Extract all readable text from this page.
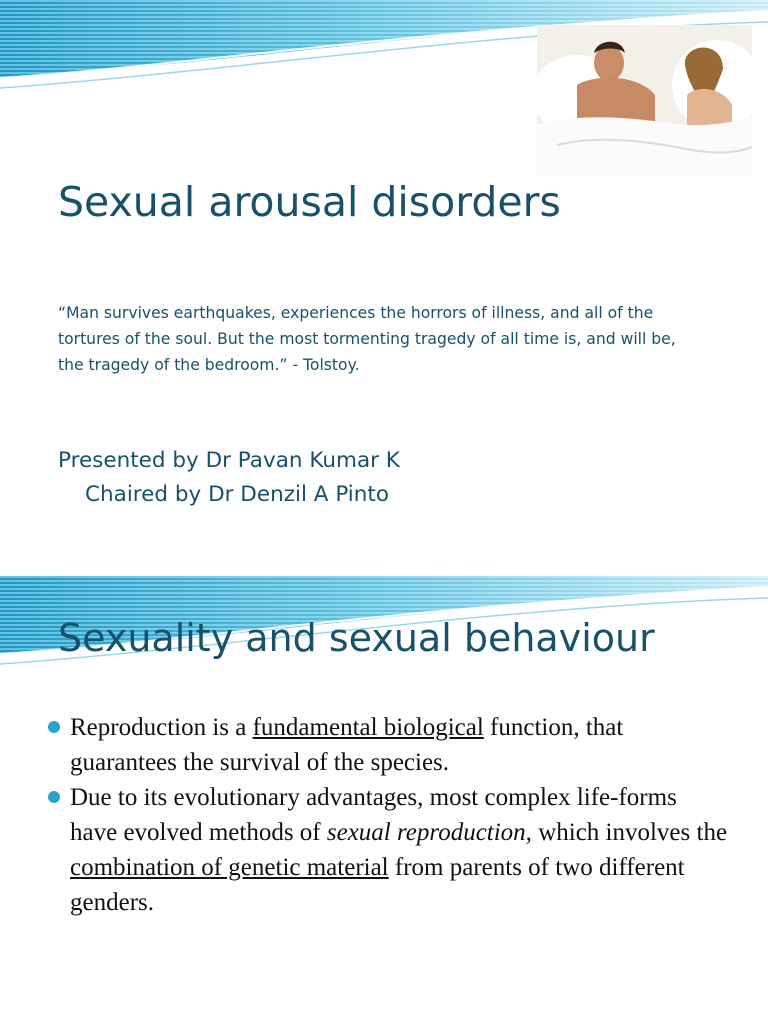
Sexual arousal disorders

“Man survives earthquakes, experiences the horrors of illness, and all of the tortures of the soul. But the most tormenting tragedy of all time is, and will be, the tragedy of the bedroom.” - Tolstoy.

Presented by Dr Pavan Kumar K

Chaired by Dr Denzil A Pinto

Sexuality and sexual behaviour
Reproduction is a fundamental biological function, that guarantees the survival of the species.
Due to its evolutionary advantages, most complex life-forms have evolved methods of sexual reproduction, which involves the combination of genetic material from parents of two different genders.
